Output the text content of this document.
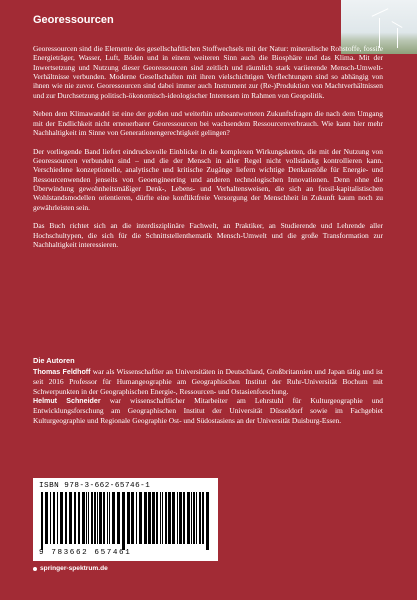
Georessourcen

Georessourcen sind die Elemente des gesellschaftlichen Stoffwechsels mit der Natur: mineralische Rohstoffe, fossile Energieträger, Wasser, Luft, Böden und in einem weiteren Sinn auch die Biosphäre und das Klima. Mit der Inwertsetzung und Nutzung dieser Georessourcen sind zeitlich und räumlich stark variierende Mensch-Umwelt-Verhältnisse verbunden. Moderne Gesellschaften mit ihren vielschichtigen Verflechtungen sind so abhängig von ihnen wie nie zuvor. Georessourcen sind dabei immer auch Instrument zur (Re-)Produktion von Machtverhältnissen und zur Durchsetzung politisch-ökonomisch-ideologischer Interessen im Rahmen von Geopolitik.

Neben dem Klimawandel ist eine der großen und weiterhin unbeantworteten Zukunftsfragen die nach dem Umgang mit der Endlichkeit nicht erneuerbarer Georessourcen bei wachsendem Ressourcenverbrauch. Wie kann hier mehr Nachhaltigkeit im Sinne von Generationengerechtigkeit gelingen?

Der vorliegende Band liefert eindrucksvolle Einblicke in die komplexen Wirkungsketten, die mit der Nutzung von Georessourcen verbunden sind – und die der Mensch in aller Regel nicht vollständig kontrollieren kann. Verschiedene konzeptionelle, analytische und kritische Zugänge liefern wichtige Denkanstöße für Energie- und Ressourcenwenden jenseits von Geoengineering und anderen technologischen Innovationen. Denn ohne die Überwindung gewohnheitsmäßiger Denk-, Lebens- und Verhaltensweisen, die sich an fossil-kapitalistischen Wohlstandsmodellen orientieren, dürfte eine konfliktfreie Versorgung der Menschheit in Zukunft kaum noch zu gewährleisten sein.

Das Buch richtet sich an die interdisziplinäre Fachwelt, an Praktiker, an Studierende und Lehrende aller Hochschultypen, die sich für die Schnittstellenthematik Mensch-Umwelt und die große Transformation zur Nachhaltigkeit interessieren.

Die Autoren

Thomas Feldhoff war als Wissenschaftler an Universitäten in Deutschland, Großbritannien und Japan tätig und ist seit 2016 Professor für Humangeographie am Geographischen Institut der Ruhr-Universität Bochum mit Schwerpunkten in der Geographischen Energie-, Ressourcen- und Ostasienforschung.

Helmut Schneider war wissenschaftlicher Mitarbeiter am Lehrstuhl für Kulturgeographie und Entwicklungsforschung am Geographischen Institut der Universität Düsseldorf sowie im Fachgebiet Kulturgeographie und Regionale Geographie Ost- und Südostasiens an der Universität Duisburg-Essen.

ISBN 978-3-662-65746-1
9 783662 657461
springer-spektrum.de
